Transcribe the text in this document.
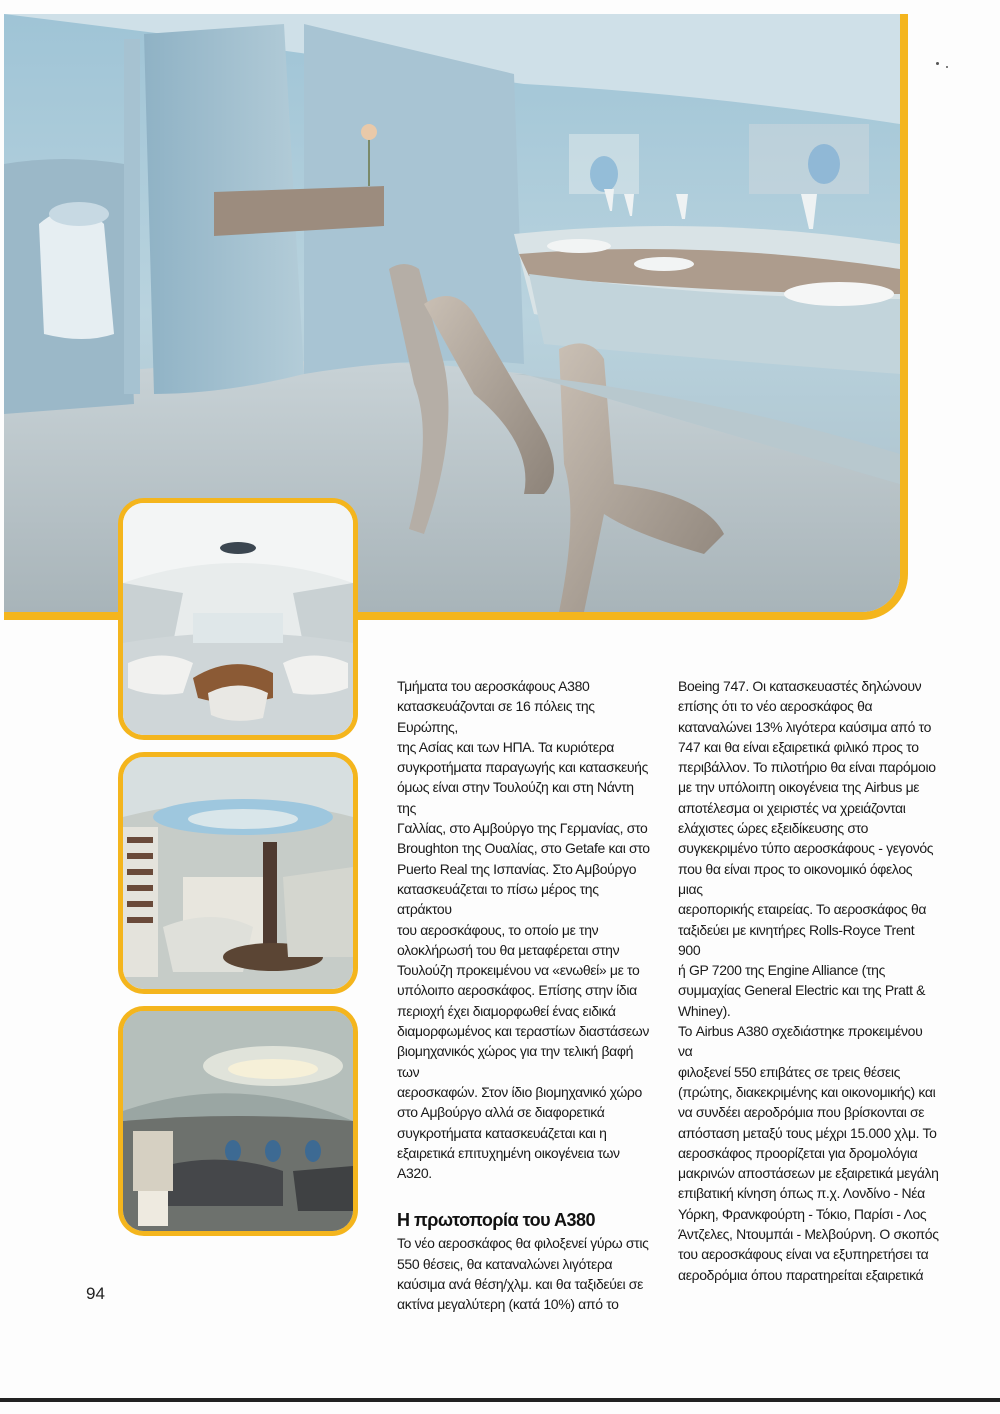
Τμήματα του αεροσκάφους Α380
κατασκευάζονται σε 16 πόλεις της Ευρώπης,
της Ασίας και των ΗΠΑ. Τα κυριότερα
συγκροτήματα παραγωγής και κατασκευής
όμως είναι στην Τουλούζη και στη Νάντη της
Γαλλίας, στο Αμβούργο της Γερμανίας, στο
Broughton της Ουαλίας, στο Getafe και στο
Puerto Real της Ισπανίας. Στο Αμβούργο
κατασκευάζεται το πίσω μέρος της ατράκτου
του αεροσκάφους, το οποίο με την
ολοκλήρωσή του θα μεταφέρεται στην
Τουλούζη προκειμένου να «ενωθεί» με το
υπόλοιπο αεροσκάφος. Επίσης στην ίδια
περιοχή έχει διαμορφωθεί ένας ειδικά
διαμορφωμένος και τεραστίων διαστάσεων
βιομηχανικός χώρος για την τελική βαφή των
αεροσκαφών. Στον ίδιο βιομηχανικό χώρο
στο Αμβούργο αλλά σε διαφορετικά
συγκροτήματα κατασκευάζεται και η
εξαιρετικά επιτυχημένη οικογένεια των Α320.

Η πρωτοπορία του Α380

Το νέο αεροσκάφος θα φιλοξενεί γύρω στις
550 θέσεις, θα καταναλώνει λιγότερα
καύσιμα ανά θέση/χλμ. και θα ταξιδεύει σε
ακτίνα μεγαλύτερη (κατά 10%) από το

Boeing 747. Οι κατασκευαστές δηλώνουν
επίσης ότι το νέο αεροσκάφος θα
καταναλώνει 13% λιγότερα καύσιμα από το
747 και θα είναι εξαιρετικά φιλικό προς το
περιβάλλον. Το πιλοτήριο θα είναι παρόμοιο
με την υπόλοιπη οικογένεια της Airbus με
αποτέλεσμα οι χειριστές να χρειάζονται
ελάχιστες ώρες εξειδίκευσης στο
συγκεκριμένο τύπο αεροσκάφους - γεγονός
που θα είναι προς το οικονομικό όφελος μιας
αεροπορικής εταιρείας. Το αεροσκάφος θα
ταξιδεύει με κινητήρες Rolls-Royce Trent 900
ή GP 7200 της Engine Alliance (της
συμμαχίας General Electric και της Pratt &
Whiney).

Το Airbus Α380 σχεδιάστηκε προκειμένου να
φιλοξενεί 550 επιβάτες σε τρεις θέσεις
(πρώτης, διακεκριμένης και οικονομικής) και
να συνδέει αεροδρόμια που βρίσκονται σε
απόσταση μεταξύ τους μέχρι 15.000 χλμ. Το
αεροσκάφος προορίζεται για δρομολόγια
μακρινών αποστάσεων με εξαιρετικά μεγάλη
επιβατική κίνηση όπως π.χ. Λονδίνο - Νέα
Υόρκη, Φρανκφούρτη - Τόκιο, Παρίσι - Λος
Άντζελες, Ντουμπάι - Μελβούρνη. Ο σκοπός
του αεροσκάφους είναι να εξυπηρετήσει τα
αεροδρόμια όπου παρατηρείται εξαιρετικά

94
